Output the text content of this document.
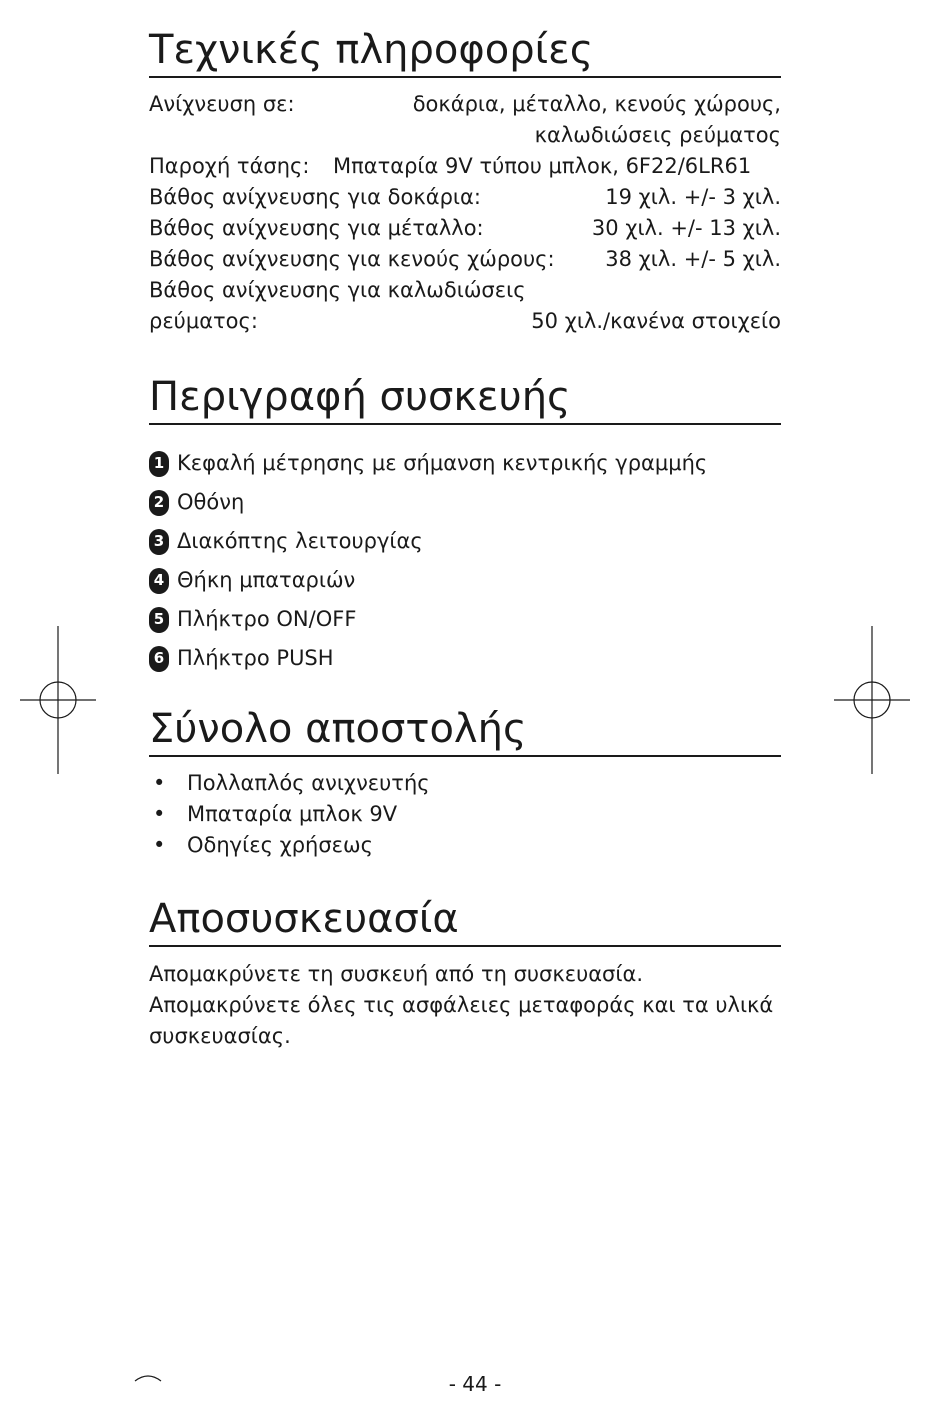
Τεχνικές πληροφορίες
Ανίχνευση σε:	δοκάρια, μέταλλο, κενούς χώρους,
καλωδιώσεις ρεύματος
Παροχή τάσης: Μπαταρία 9V τύπου μπλοκ, 6F22/6LR61
Βάθος ανίχνευσης για δοκάρια:	19 χιλ. +/- 3 χιλ.
Βάθος ανίχνευσης για μέταλλο:	30 χιλ. +/- 13 χιλ.
Βάθος ανίχνευσης για κενούς χώρους: 38 χιλ. +/- 5 χιλ.
Βάθος ανίχνευσης για καλωδιώσεις
ρεύματος:	50 χιλ./κανένα στοιχείο
Περιγραφή συσκευής
1 Κεφαλή μέτρησης με σήμανση κεντρικής γραμμής
2 Οθόνη
3 Διακόπτης λειτουργίας
4 Θήκη μπαταριών
5 Πλήκτρο ON/OFF
6 Πλήκτρο PUSH
Σύνολο αποστολής
•	Πολλαπλός ανιχνευτής
•	Μπαταρία μπλοκ 9V
•	Οδηγίες χρήσεως
Αποσυσκευασία
Απομακρύνετε τη συσκευή από τη συσκευασία.
Απομακρύνετε όλες τις ασφάλειες μεταφοράς και τα υλικά
συσκευασίας.
- 44 -
